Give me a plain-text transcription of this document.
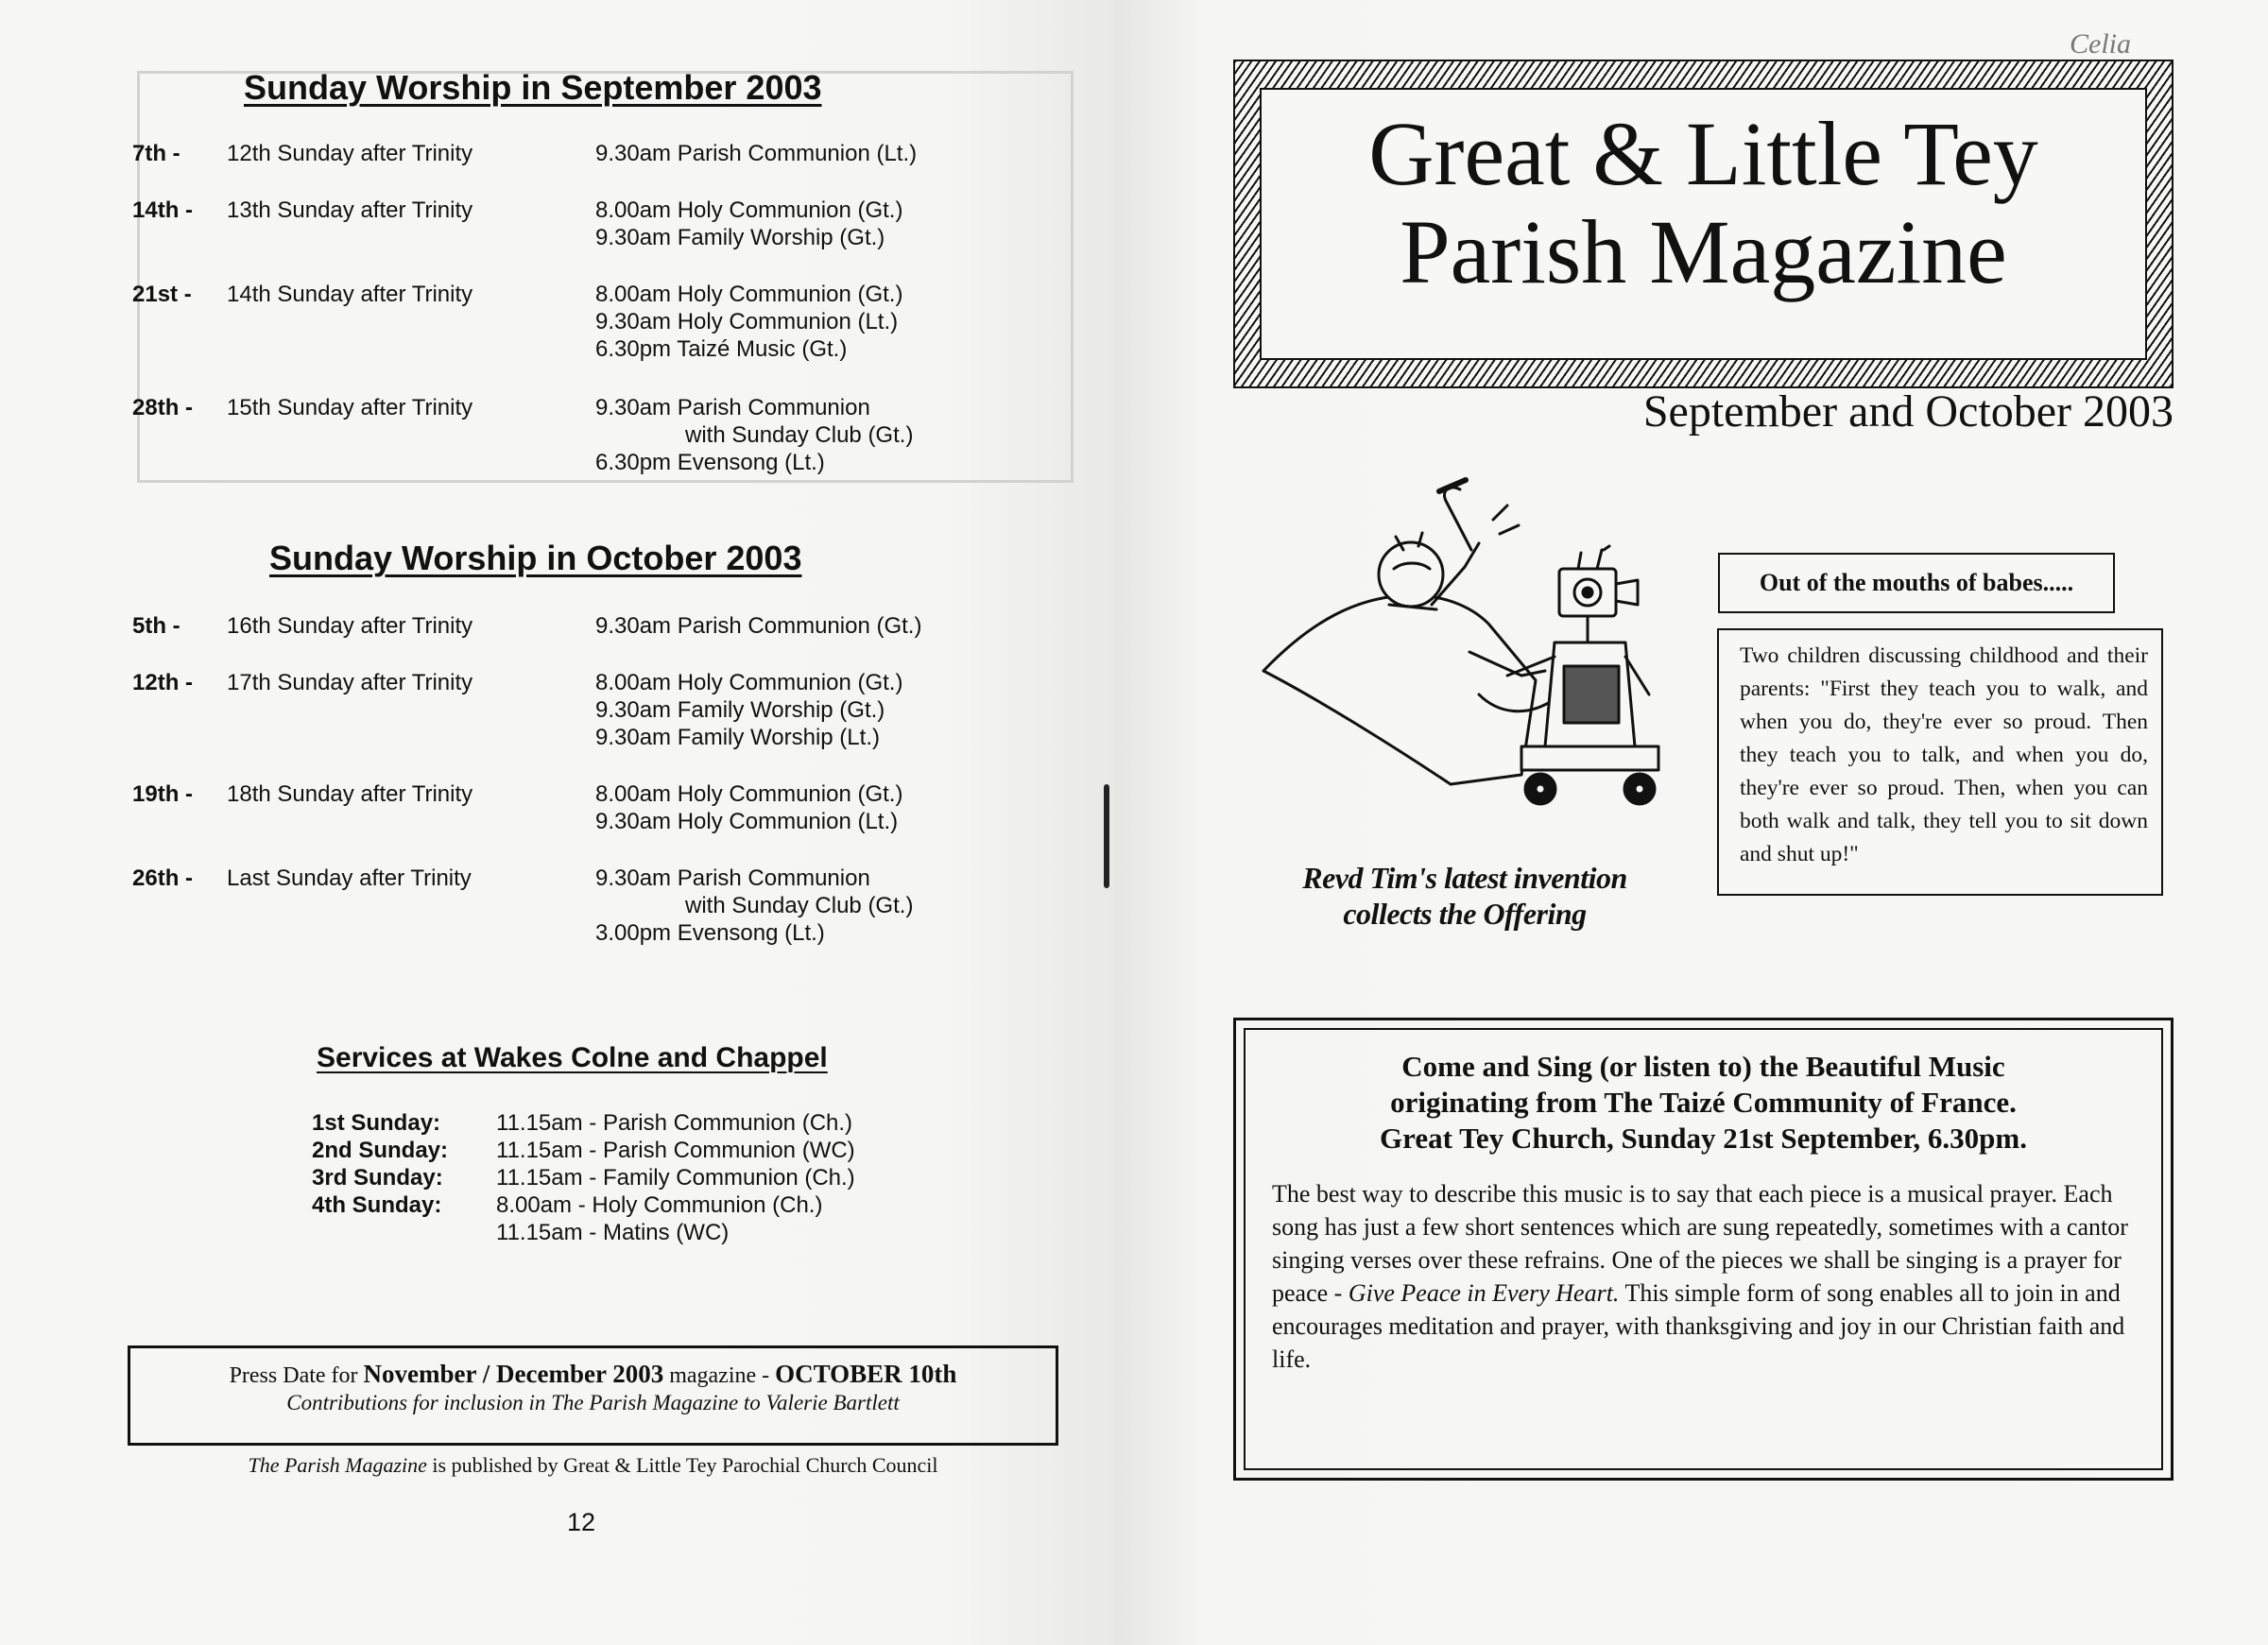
Sunday Worship in September 2003
7th -	12th Sunday after Trinity	9.30am Parish Communion (Lt.)
14th -	13th Sunday after Trinity	8.00am Holy Communion (Gt.)
9.30am Family Worship (Gt.)
21st -	14th Sunday after Trinity	8.00am Holy Communion (Gt.)
9.30am Holy Communion (Lt.)
6.30pm Taizé Music (Gt.)
28th -	15th Sunday after Trinity	9.30am Parish Communion
with Sunday Club (Gt.)
6.30pm Evensong (Lt.)
Sunday Worship in October 2003
5th -	16th Sunday after Trinity	9.30am Parish Communion (Gt.)
12th -	17th Sunday after Trinity	8.00am Holy Communion (Gt.)
9.30am Family Worship (Gt.)
9.30am Family Worship (Lt.)
19th -	18th Sunday after Trinity	8.00am Holy Communion (Gt.)
9.30am Holy Communion (Lt.)
26th -	Last Sunday after Trinity	9.30am Parish Communion
with Sunday Club (Gt.)
3.00pm Evensong (Lt.)
Services at Wakes Colne and Chappel
1st Sunday:	11.15am - Parish Communion (Ch.)
2nd Sunday:	11.15am - Parish Communion (WC)
3rd Sunday:	11.15am - Family Communion (Ch.)
4th Sunday:	8.00am - Holy Communion (Ch.)
11.15am - Matins (WC)
Press Date for November / December 2003 magazine - OCTOBER 10th
Contributions for inclusion in The Parish Magazine to Valerie Bartlett
The Parish Magazine is published by Great & Little Tey Parochial Church Council
12
Celia
Great & Little Tey
Parish Magazine
September and October 2003
Revd Tim's latest invention
collects the Offering
Out of the mouths of babes.....
Two children discussing childhood and their parents: "First they teach you to walk, and when you do, they're ever so proud. Then they teach you to talk, and when you do, they're ever so proud. Then, when you can both walk and talk, they tell you to sit down and shut up!"
Come and Sing (or listen to) the Beautiful Music
originating from The Taizé Community of France.
Great Tey Church, Sunday 21st September, 6.30pm.
The best way to describe this music is to say that each piece is a musical prayer. Each song has just a few short sentences which are sung repeatedly, sometimes with a cantor singing verses over these refrains. One of the pieces we shall be singing is a prayer for peace - Give Peace in Every Heart. This simple form of song enables all to join in and encourages meditation and prayer, with thanksgiving and joy in our Christian faith and life.
